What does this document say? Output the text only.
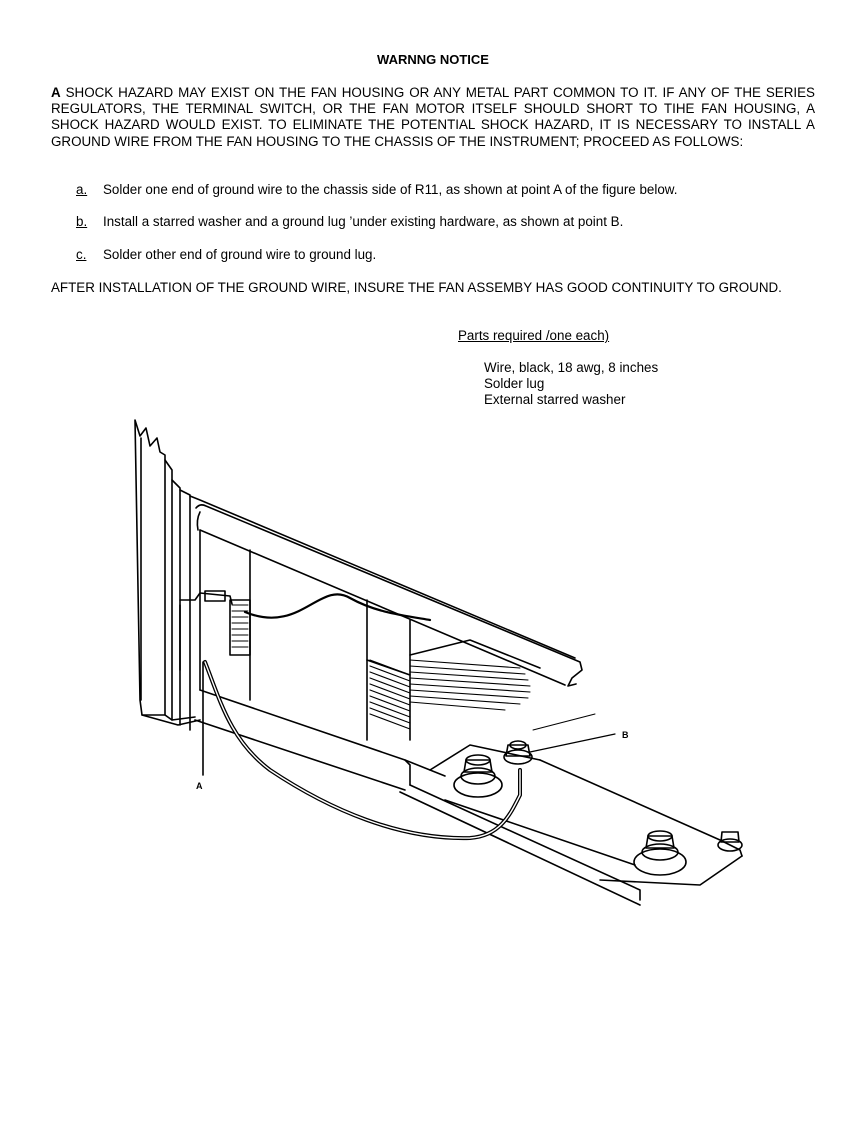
WARNNG NOTICE
A SHOCK HAZARD MAY EXIST ON THE FAN HOUSING OR ANY METAL PART COMMON TO IT. IF ANY OF THE SERIES REGULATORS, THE TERMINAL SWITCH, OR THE FAN MOTOR ITSELF SHOULD SHORT TO TIHE FAN HOUSING, A SHOCK HAZARD WOULD EXIST. TO ELIMINATE THE POTENTIAL SHOCK HAZARD, IT IS NECESSARY TO INSTALL A GROUND WIRE FROM THE FAN HOUSING TO THE CHASSIS OF THE INSTRUMENT; PROCEED AS FOLLOWS:
a. Solder one end of ground wire to the chassis side of R11, as shown at point A of the figure below.
b. Install a starred washer and a ground lug ’under existing hardware, as shown at point B.
c. Solder other end of ground wire to ground lug.
AFTER INSTALLATION OF THE GROUND WIRE, INSURE THE FAN ASSEMBY HAS GOOD CONTINUITY TO GROUND.
Parts required /one each)
Wire, black, 18 awg, 8 inches
Solder lug
External starred washer
B
A
